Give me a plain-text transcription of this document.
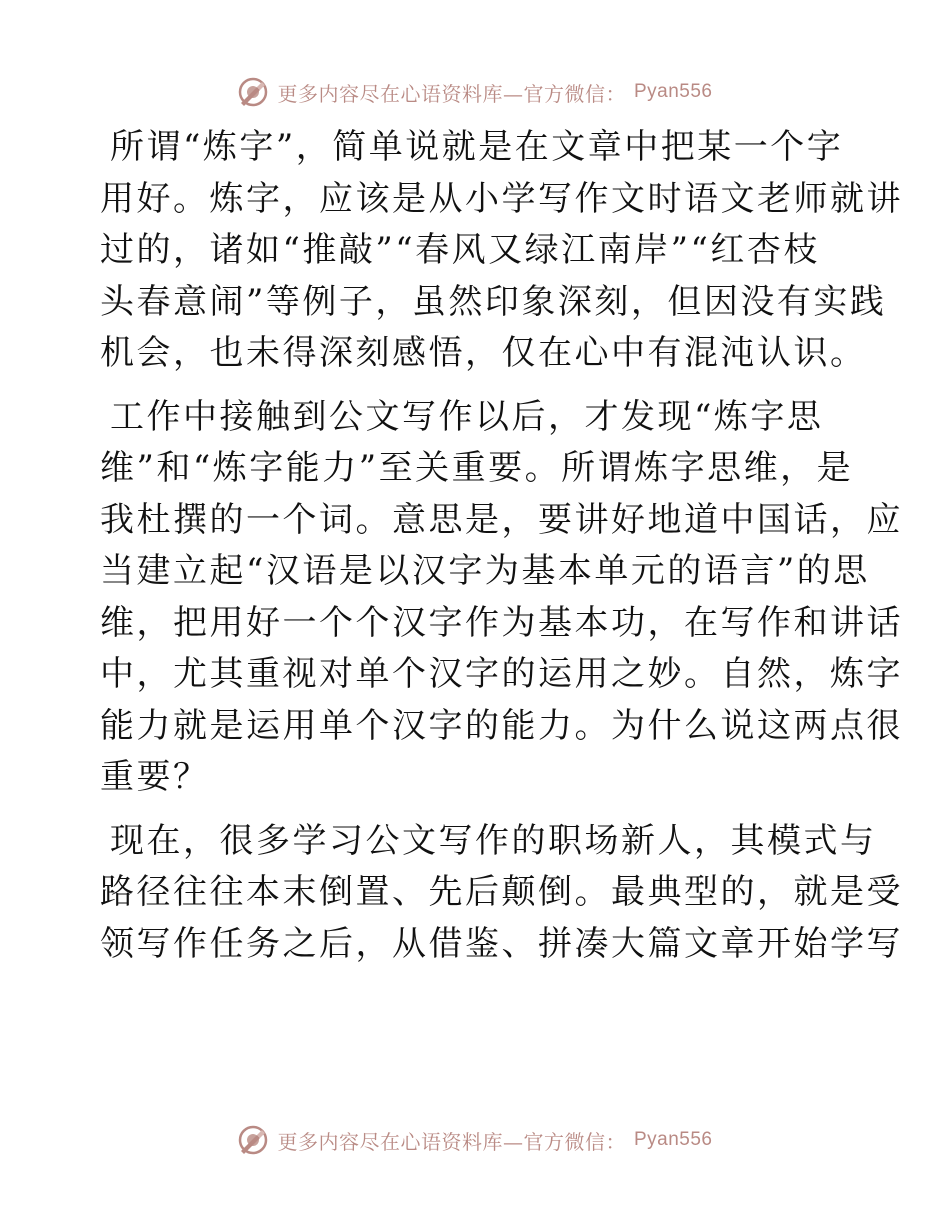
更多内容尽在心语资料库—官方微信： Pyan556

所谓“炼字”，简单说就是在文章中把某一个字
用好。炼字，应该是从小学写作文时语文老师就讲
过的，诸如“推敲”“春风又绿江南岸”“红杏枝
头春意闹”等例子，虽然印象深刻，但因没有实践
机会，也未得深刻感悟，仅在心中有混沌认识。

工作中接触到公文写作以后，才发现“炼字思
维”和“炼字能力”至关重要。所谓炼字思维，是
我杜撰的一个词。意思是，要讲好地道中国话，应
当建立起“汉语是以汉字为基本单元的语言”的思
维，把用好一个个汉字作为基本功，在写作和讲话
中，尤其重视对单个汉字的运用之妙。自然，炼字
能力就是运用单个汉字的能力。为什么说这两点很
重要？

现在，很多学习公文写作的职场新人，其模式与
路径往往本末倒置、先后颠倒。最典型的，就是受
领写作任务之后，从借鉴、拼凑大篇文章开始学写

更多内容尽在心语资料库—官方微信： Pyan556
